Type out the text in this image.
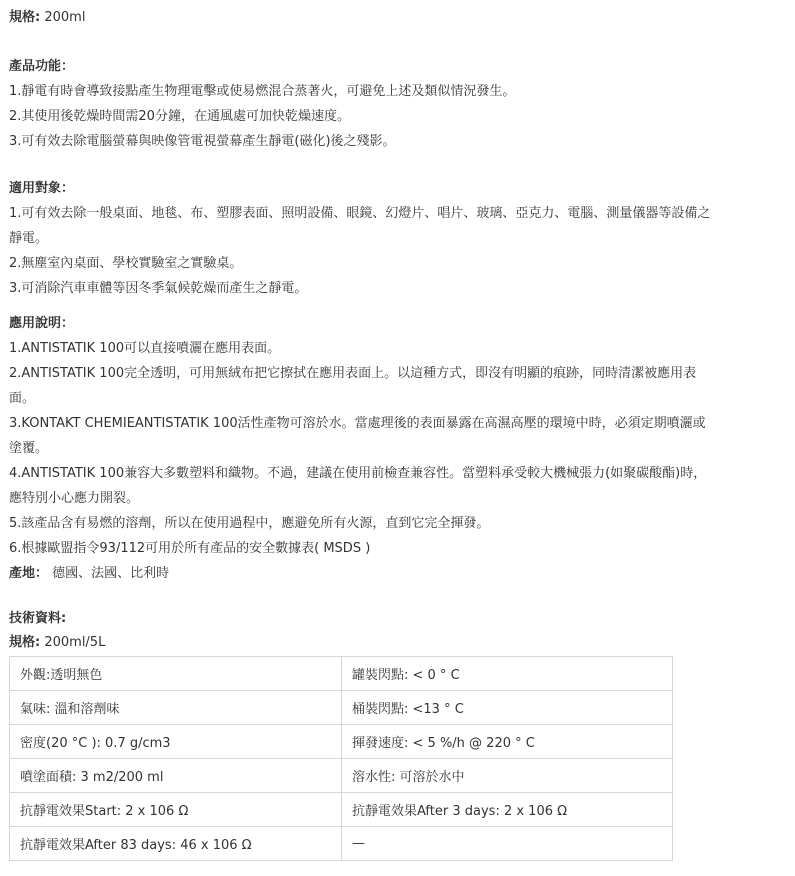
規格: 200ml
產品功能：
1.靜電有時會導致接點產生物理電擊或使易燃混合蒸著火，可避免上述及類似情況發生。
2.其使用後乾燥時間需20分鐘，在通風處可加快乾燥速度。
3.可有效去除電腦螢幕與映像管電視螢幕產生靜電(磁化)後之殘影。
適用對象：
1.可有效去除一般桌面、地毯、布、塑膠表面、照明設備、眼鏡、幻燈片、唱片、玻璃、亞克力、電腦、測量儀器等設備之
靜電。
2.無塵室內桌面、學校實驗室之實驗桌。
3.可消除汽車車體等因冬季氣候乾燥而產生之靜電。
應用說明：
1.ANTISTATIK 100可以直接噴灑在應用表面。
2.ANTISTATIK 100完全透明，可用無絨布把它擦拭在應用表面上。以這種方式，即沒有明顯的痕跡，同時清潔被應用表
面。
3.KONTAKT CHEMIEANTISTATIK 100活性產物可溶於水。當處理後的表面暴露在高濕高壓的環境中時，必須定期噴灑或
塗覆。
4.ANTISTATIK 100兼容大多數塑料和織物。不過，建議在使用前檢查兼容性。當塑料承受較大機械張力(如聚碳酸酯)時，
應特別小心應力開裂。
5.該產品含有易燃的溶劑，所以在使用過程中，應避免所有火源，直到它完全揮發。
6.根據歐盟指令93/112可用於所有產品的安全數據表( MSDS )
產地： 德國、法國、比利時
技術資料:
規格: 200ml/5L
外觀:透明無色	罐裝閃點: < 0 ° C
氣味: 溫和溶劑味	桶裝閃點: <13 ° C
密度(20 °C ): 0.7 g/cm3	揮發速度: < 5 %/h @ 220 ° C
噴塗面積: 3 m2/200 ml	溶水性: 可溶於水中
抗靜電效果Start: 2 x 106 Ω	抗靜電效果After 3 days: 2 x 106 Ω
抗靜電效果After 83 days: 46 x 106 Ω	—
